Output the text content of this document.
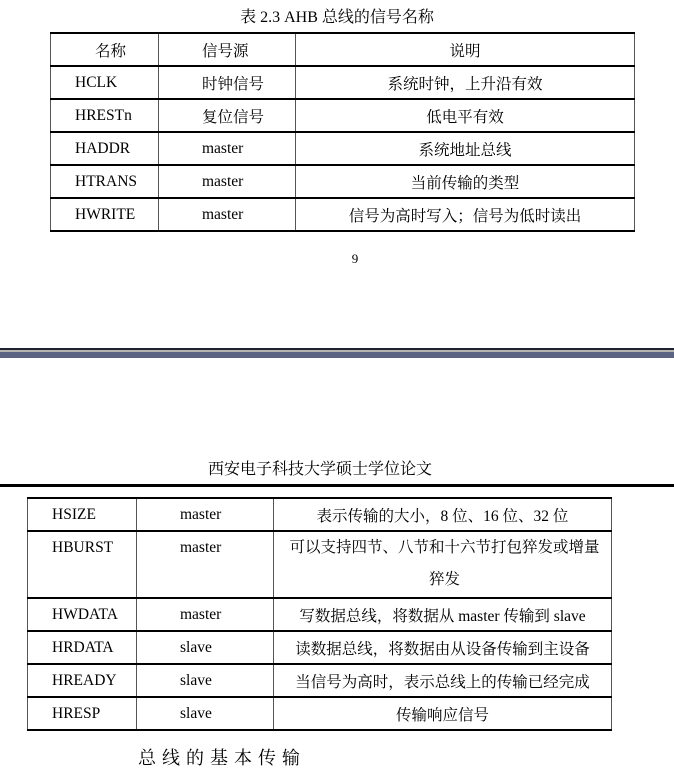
表 2.3 AHB 总线的信号名称
名称	信号源	说明
HCLK	时钟信号	系统时钟，上升沿有效
HRESTn	复位信号	低电平有效
HADDR	master	系统地址总线
HTRANS	master	当前传输的类型
HWRITE	master	信号为高时写入；信号为低时读出
9
西安电子科技大学硕士学位论文
HSIZE	master	表示传输的大小，8 位、16 位、32 位
HBURST	master	可以支持四节、八节和十六节打包猝发或增量猝发
HWDATA	master	写数据总线，将数据从 master 传输到 slave
HRDATA	slave	读数据总线，将数据由从设备传输到主设备
HREADY	slave	当信号为高时，表示总线上的传输已经完成
HRESP	slave	传输响应信号
总线的基本传输
